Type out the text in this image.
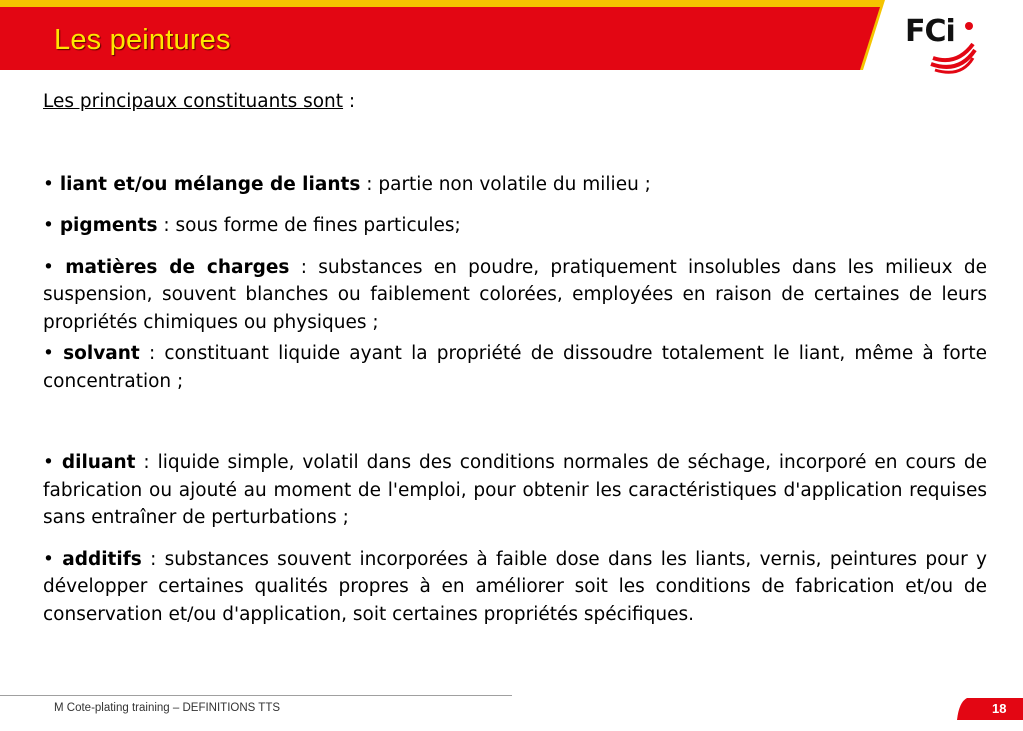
Les peintures	FCi

Les principaux constituants sont :

• liant et/ou mélange de liants : partie non volatile du milieu ;

• pigments : sous forme de fines particules;

• matières de charges : substances en poudre, pratiquement insolubles dans les milieux de suspension, souvent blanches ou faiblement colorées, employées en raison de certaines de leurs propriétés chimiques ou physiques ;

• solvant : constituant liquide ayant la propriété de dissoudre totalement le liant, même à forte concentration ;

• diluant : liquide simple, volatil dans des conditions normales de séchage, incorporé en cours de fabrication ou ajouté au moment de l'emploi, pour obtenir les caractéristiques d'application requises sans entraîner de perturbations ;

• additifs : substances souvent incorporées à faible dose dans les liants, vernis, peintures pour y développer certaines qualités propres à en améliorer soit les conditions de fabrication et/ou de conservation et/ou d'application, soit certaines propriétés spécifiques.

M Cote-plating training – DEFINITIONS TTS	18
